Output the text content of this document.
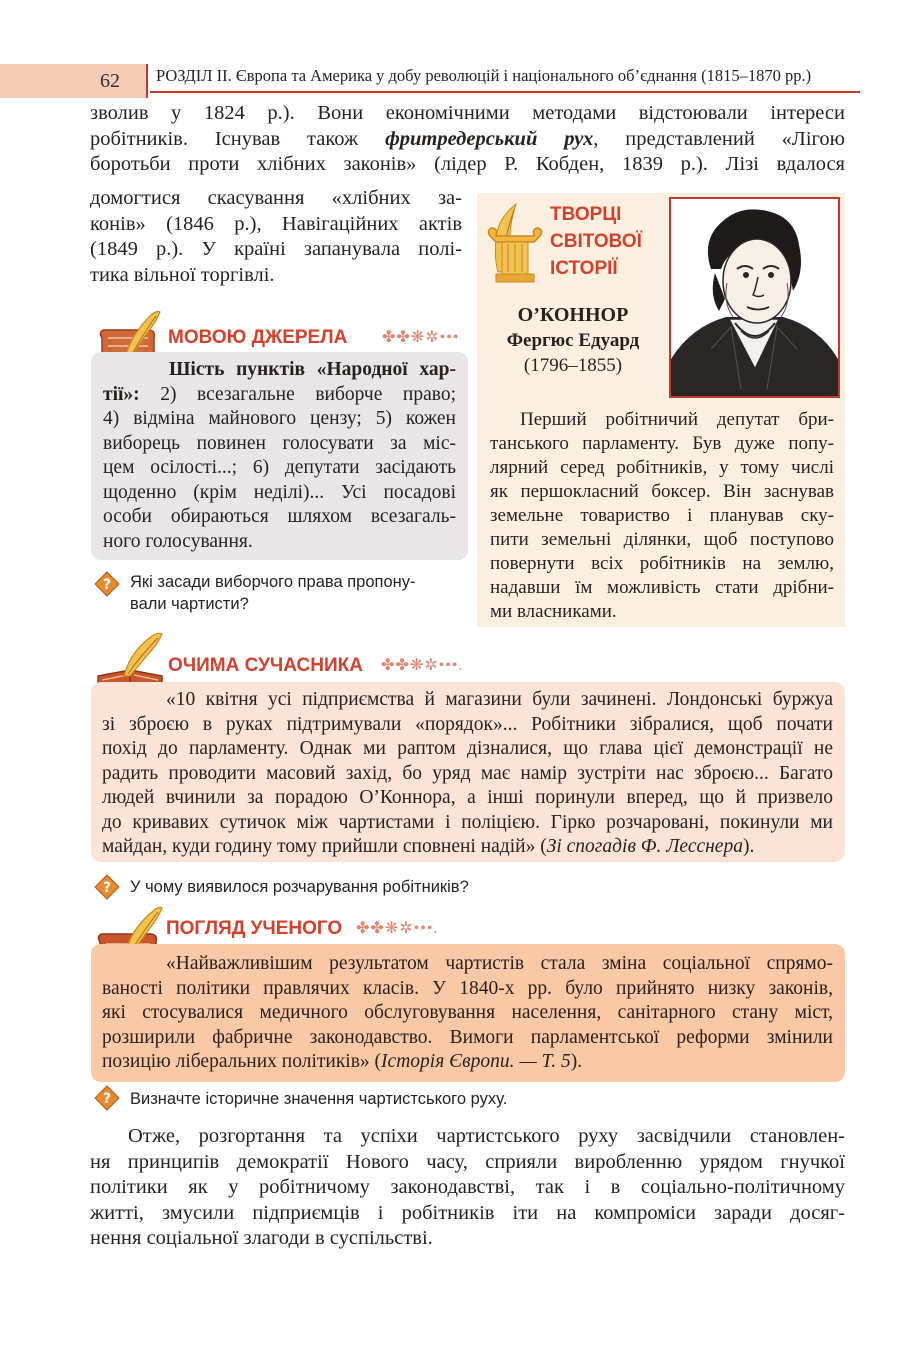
62	РОЗДІЛ II. Європа та Америка у добу революцій і національного об’єднання (1815–1870 рр.)
зволив у 1824 р.). Вони економічними методами відстоювали інтереси
робітників. Існував також фритредерський рух, представлений «Лігою
боротьби проти хлібних законів» (лідер Р. Кобден, 1839 р.). Лізі вдалося
домогтися скасування «хлібних за-
конів» (1846 р.), Навігаційних актів
(1849 р.). У країні запанувала полі-
тика вільної торгівлі.
ТВОРЦІ
СВІТОВОЇ
ІСТОРІЇ
О’КОННОР
Фергюс Едуард
(1796–1855)
Перший робітничий депутат бри-
танського парламенту. Був дуже попу-
лярний серед робітників, у тому числі
як першокласний боксер. Він заснував
земельне товариство і планував ску-
пити земельні ділянки, щоб поступово
повернути всіх робітників на землю,
надавши їм можливість стати дрібни-
ми власниками.
МОВОЮ ДЖЕРЕЛА ✤✤❋✲•••
Шість пунктів «Народної хар-
тії»: 2) всезагальне виборче право;
4) відміна майнового цензу; 5) кожен
виборець повинен голосувати за міс-
цем осілості...; 6) депутати засідають
щоденно (крім неділі)... Усі посадові
особи обираються шляхом всезагаль-
ного голосування.
? Які засади виборчого права пропону-
вали чартисти?
ОЧИМА СУЧАСНИКА ✤✤❋✲•••.
«10 квітня усі підприємства й магазини були зачинені. Лондонські буржуа
зі зброєю в руках підтримували «порядок»... Робітники зібралися, щоб почати
похід до парламенту. Однак ми раптом дізналися, що глава цієї демонстрації не
радить проводити масовий захід, бо уряд має намір зустріти нас зброєю... Багато
людей вчинили за порадою О’Коннора, а інші поринули вперед, що й призвело
до кривавих сутичок між чартистами і поліцією. Гірко розчаровані, покинули ми
майдан, куди годину тому прийшли сповнені надій» (Зі спогадів Ф. Лесснера).
? У чому виявилося розчарування робітників?
ПОГЛЯД УЧЕНОГО ✤✤❋✲•••.
«Найважливішим результатом чартистів стала зміна соціальної спрямо-
ваності політики правлячих класів. У 1840-х рр. було прийнято низку законів,
які стосувалися медичного обслуговування населення, санітарного стану міст,
розширили фабричне законодавство. Вимоги парламентської реформи змінили
позицію ліберальних політиків» (Історія Європи. — Т. 5).
? Визначте історичне значення чартистського руху.
Отже, розгортання та успіхи чартистського руху засвідчили становлен-
ня принципів демократії Нового часу, сприяли виробленню урядом гнучкої
політики як у робітничому законодавстві, так і в соціально-політичному
житті, змусили підприємців і робітників іти на компроміси заради досяг-
нення соціальної злагоди в суспільстві.
